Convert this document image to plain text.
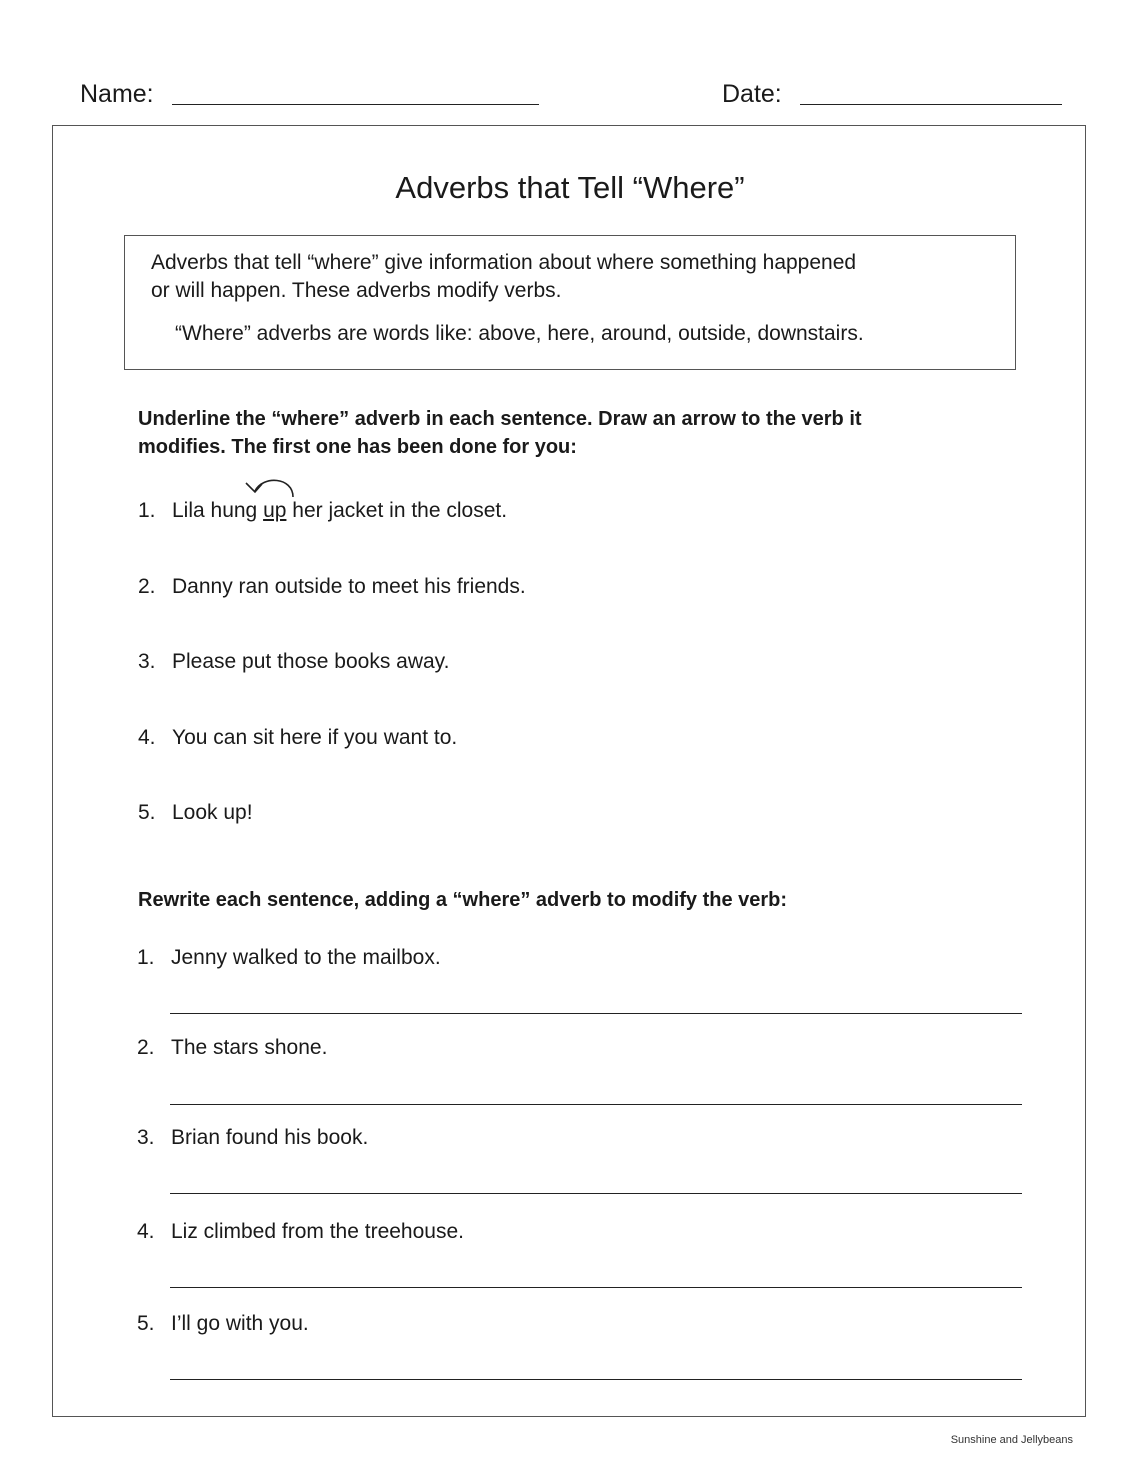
Name:	Date:
Adverbs that Tell “Where”
Adverbs that tell “where” give information about where something happened
or will happen. These adverbs modify verbs.
“Where” adverbs are words like: above, here, around, outside, downstairs.
Underline the “where” adverb in each sentence. Draw an arrow to the verb it
modifies. The first one has been done for you:
1. Lila hung up her jacket in the closet.
2. Danny ran outside to meet his friends.
3. Please put those books away.
4. You can sit here if you want to.
5. Look up!
Rewrite each sentence, adding a “where” adverb to modify the verb:
1. Jenny walked to the mailbox.
2. The stars shone.
3. Brian found his book.
4. Liz climbed from the treehouse.
5. I’ll go with you.
Sunshine and Jellybeans
